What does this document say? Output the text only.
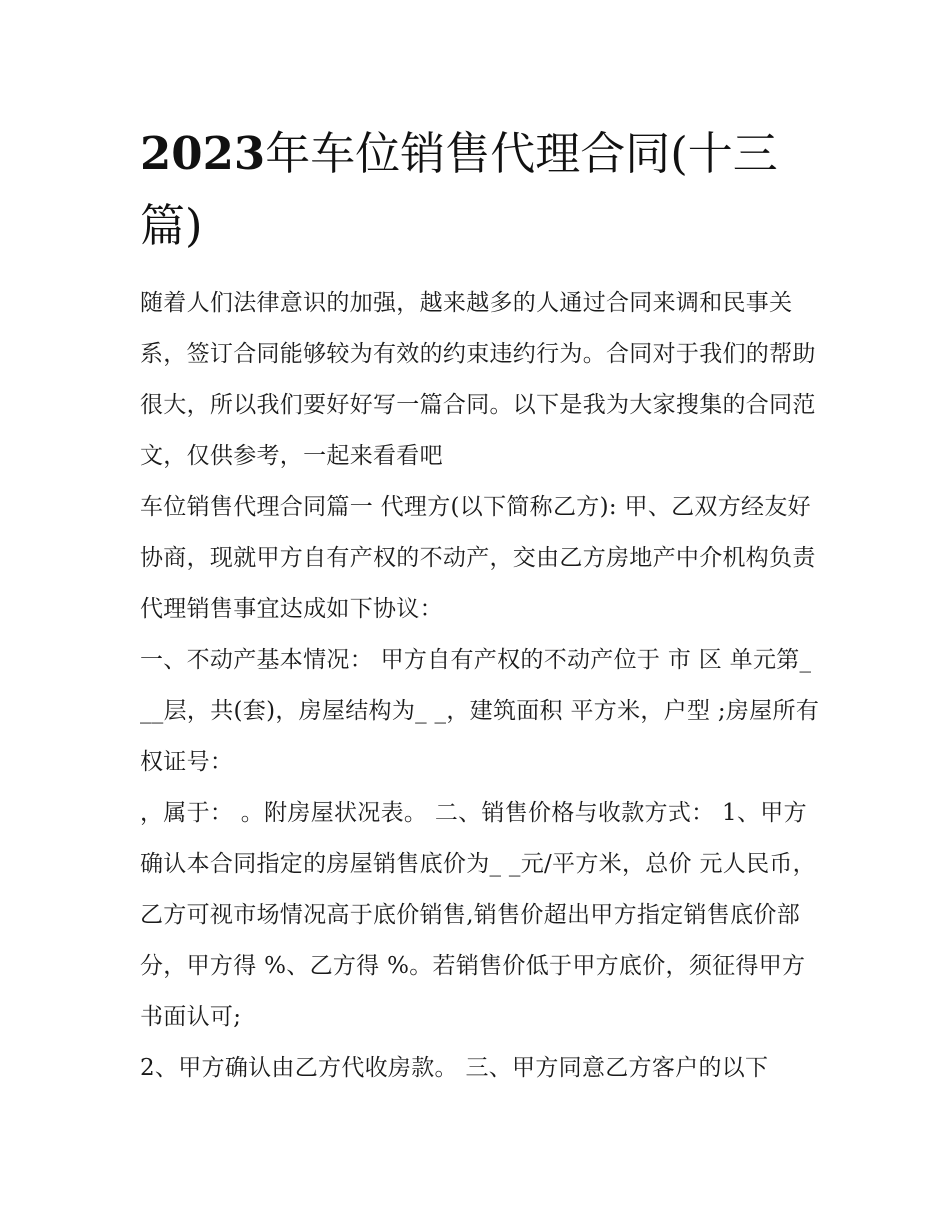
2023年车位销售代理合同(十三篇)

随着人们法律意识的加强，越来越多的人通过合同来调和民事关系，签订合同能够较为有效的约束违约行为。合同对于我们的帮助很大，所以我们要好好写一篇合同。以下是我为大家搜集的合同范文，仅供参考，一起来看看吧

车位销售代理合同篇一 代理方(以下简称乙方): 甲、乙双方经友好协商，现就甲方自有产权的不动产，交由乙方房地产中介机构负责代理销售事宜达成如下协议：

一、不动产基本情况： 甲方自有产权的不动产位于 市 区 单元第___层，共(套)，房屋结构为_ _，建筑面积 平方米，户型 ;房屋所有权证号：

，属于： 。附房屋状况表。 二、销售价格与收款方式： 1、甲方确认本合同指定的房屋销售底价为_ _元/平方米，总价 元人民币，乙方可视市场情况高于底价销售,销售价超出甲方指定销售底价部分，甲方得 %、乙方得 %。若销售价低于甲方底价，须征得甲方书面认可;

2、甲方确认由乙方代收房款。 三、甲方同意乙方客户的以下
